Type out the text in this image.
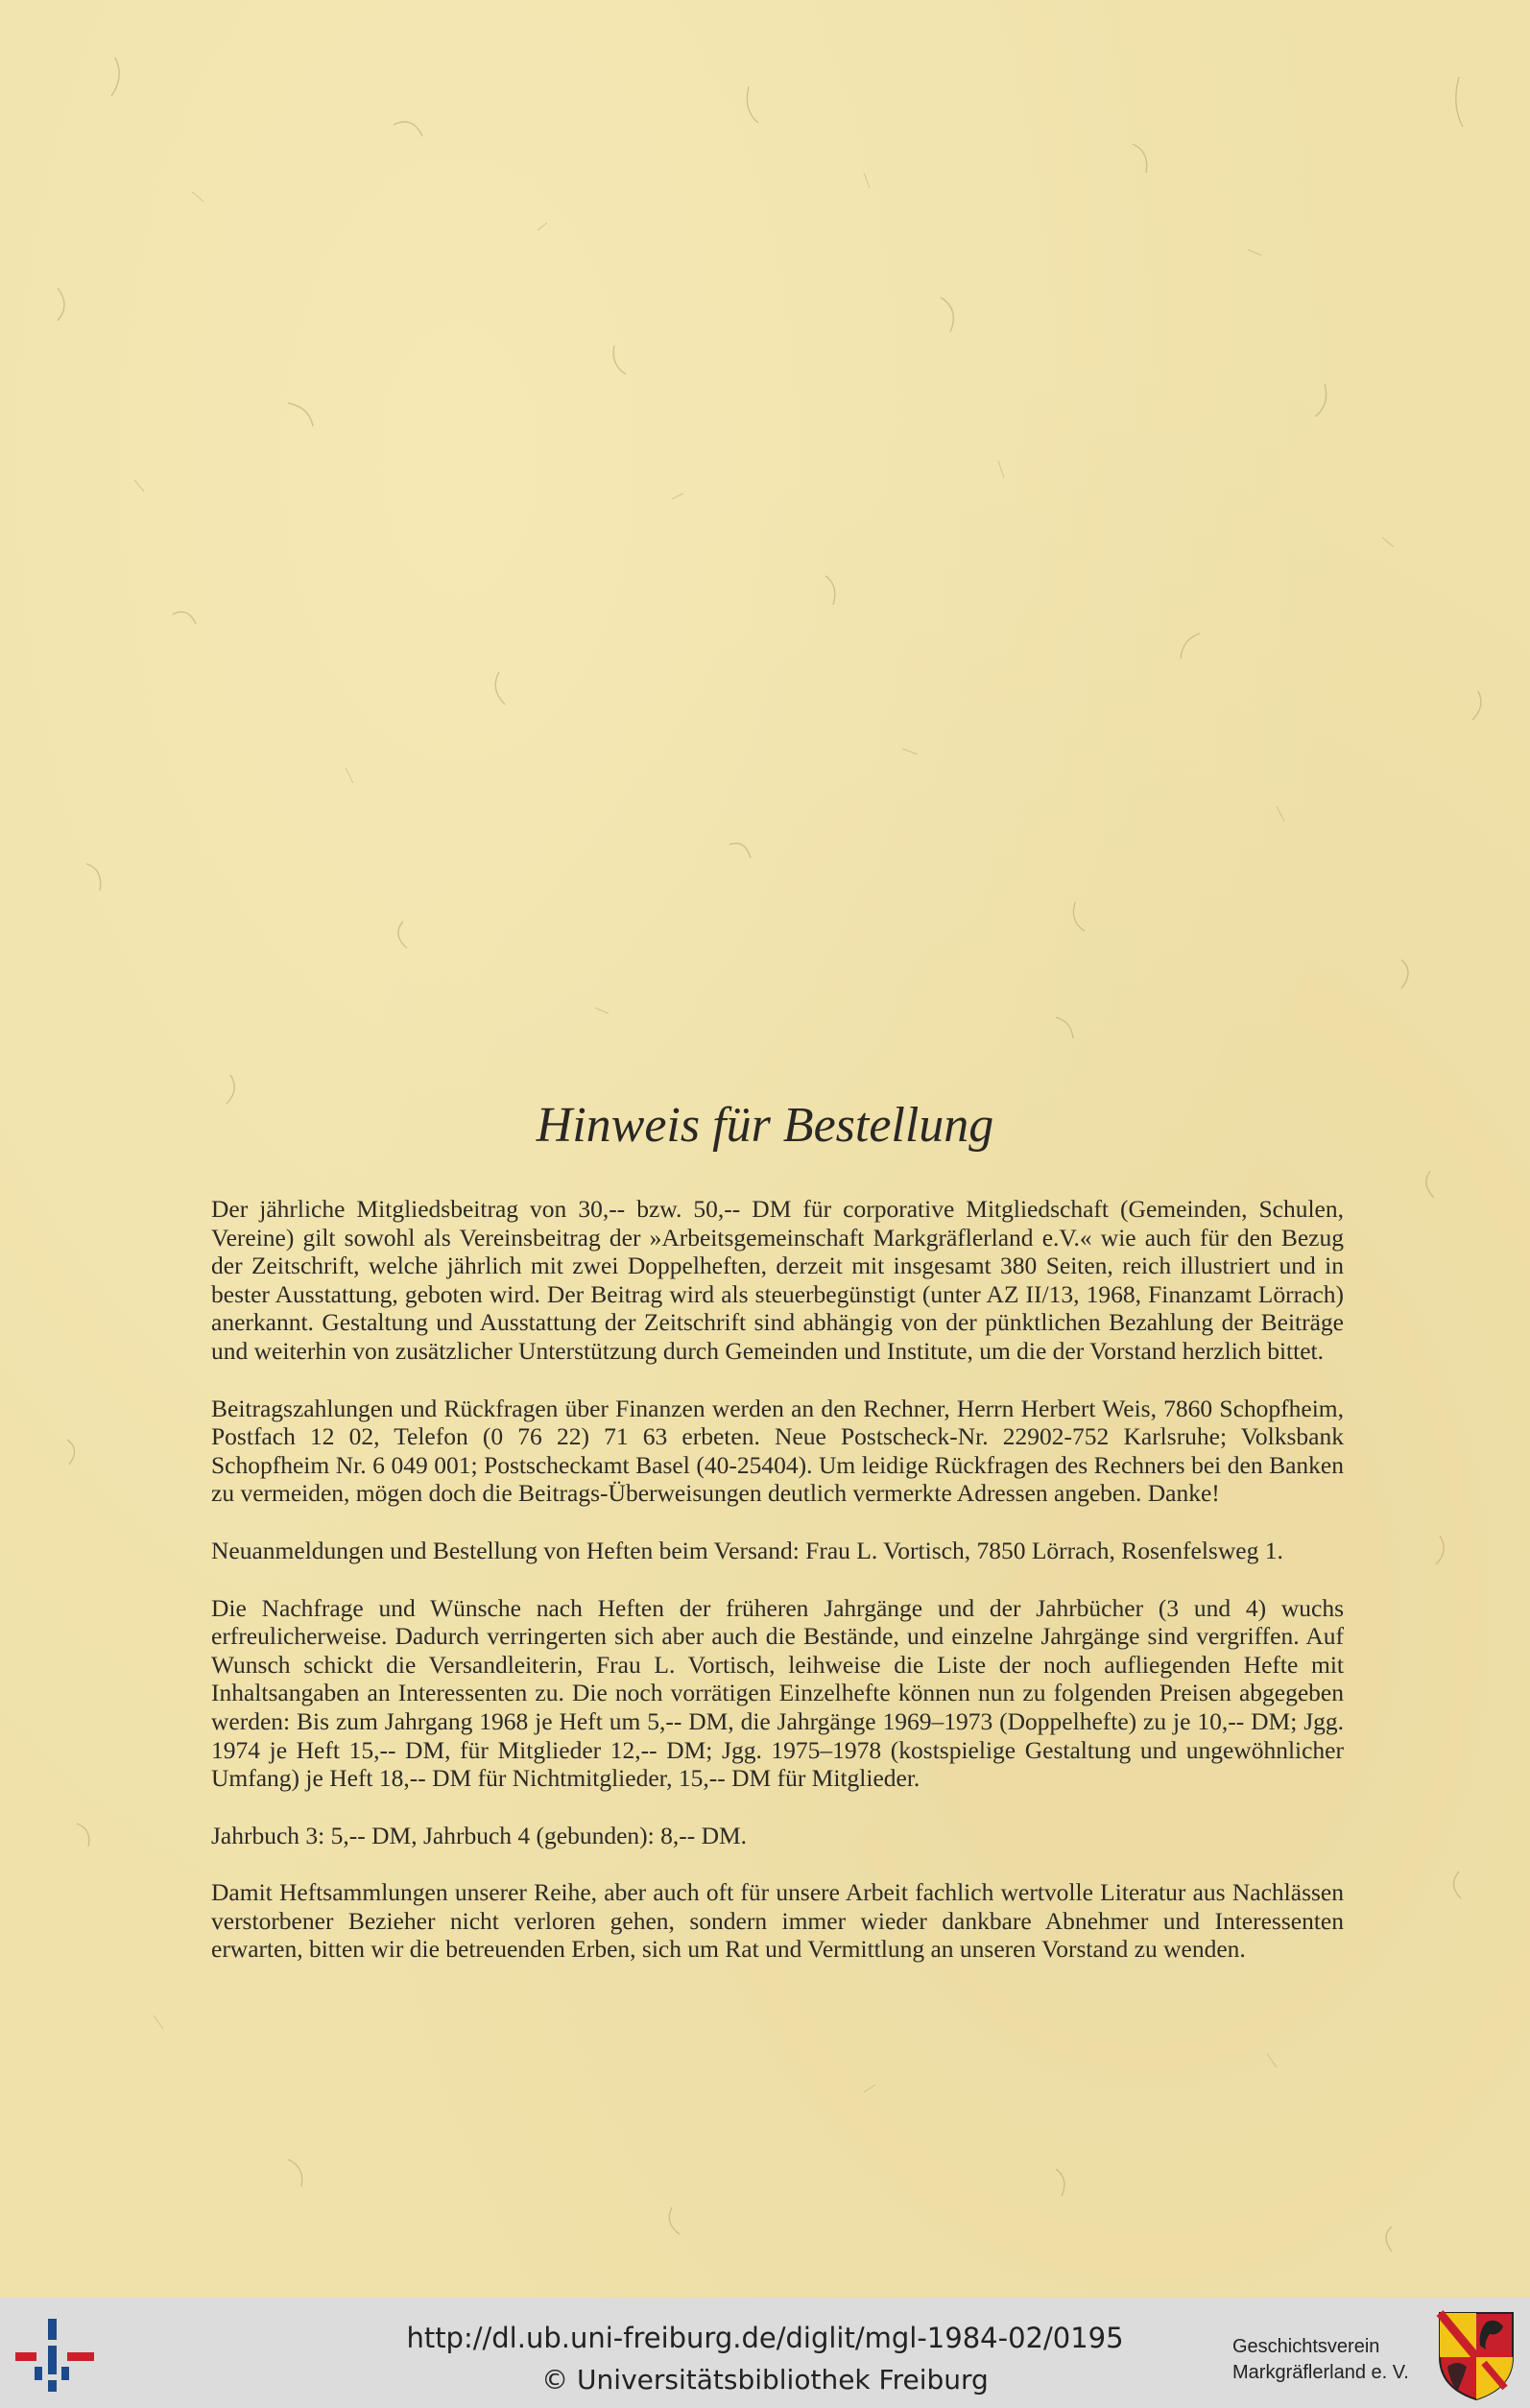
Hinweis für Bestellung

Der jährliche Mitgliedsbeitrag von 30,-- bzw. 50,-- DM für corporative Mitgliedschaft (Gemeinden, Schulen, Vereine) gilt sowohl als Vereinsbeitrag der »Arbeitsgemeinschaft Markgräflerland e.V.« wie auch für den Bezug der Zeitschrift, welche jährlich mit zwei Doppelheften, derzeit mit insgesamt 380 Seiten, reich illustriert und in bester Ausstattung, geboten wird. Der Beitrag wird als steuerbegünstigt (unter AZ II/13, 1968, Finanzamt Lörrach) anerkannt. Gestaltung und Ausstattung der Zeitschrift sind abhängig von der pünktlichen Bezahlung der Beiträge und weiterhin von zusätzlicher Unterstützung durch Gemeinden und Institute, um die der Vorstand herzlich bittet.

Beitragszahlungen und Rückfragen über Finanzen werden an den Rechner, Herrn Herbert Weis, 7860 Schopfheim, Postfach 12 02, Telefon (0 76 22) 71 63 erbeten. Neue Postscheck-Nr. 22902-752 Karlsruhe; Volksbank Schopfheim Nr. 6 049 001; Postscheckamt Basel (40-25404). Um leidige Rückfragen des Rechners bei den Banken zu vermeiden, mögen doch die Beitrags-Überweisungen deutlich vermerkte Adressen angeben. Danke!

Neuanmeldungen und Bestellung von Heften beim Versand: Frau L. Vortisch, 7850 Lörrach, Rosenfelsweg 1.

Die Nachfrage und Wünsche nach Heften der früheren Jahrgänge und der Jahrbücher (3 und 4) wuchs erfreulicherweise. Dadurch verringerten sich aber auch die Bestände, und einzelne Jahrgänge sind vergriffen. Auf Wunsch schickt die Versandleiterin, Frau L. Vortisch, leihweise die Liste der noch aufliegenden Hefte mit Inhaltsangaben an Interessenten zu. Die noch vorrätigen Einzelhefte können nun zu folgenden Preisen abgegeben werden: Bis zum Jahrgang 1968 je Heft um 5,-- DM, die Jahrgänge 1969–1973 (Doppelhefte) zu je 10,-- DM; Jgg. 1974 je Heft 15,-- DM, für Mitglieder 12,-- DM; Jgg. 1975–1978 (kostspielige Gestaltung und ungewöhnlicher Umfang) je Heft 18,-- DM für Nichtmitglieder, 15,-- DM für Mitglieder.

Jahrbuch 3: 5,-- DM, Jahrbuch 4 (gebunden): 8,-- DM.

Damit Heftsammlungen unserer Reihe, aber auch oft für unsere Arbeit fachlich wertvolle Literatur aus Nachlässen verstorbener Bezieher nicht verloren gehen, sondern immer wieder dankbare Abnehmer und Interessenten erwarten, bitten wir die betreuenden Erben, sich um Rat und Vermittlung an unseren Vorstand zu wenden.

http://dl.ub.uni-freiburg.de/diglit/mgl-1984-02/0195
© Universitätsbibliothek Freiburg
Geschichtsverein
Markgräflerland e. V.
